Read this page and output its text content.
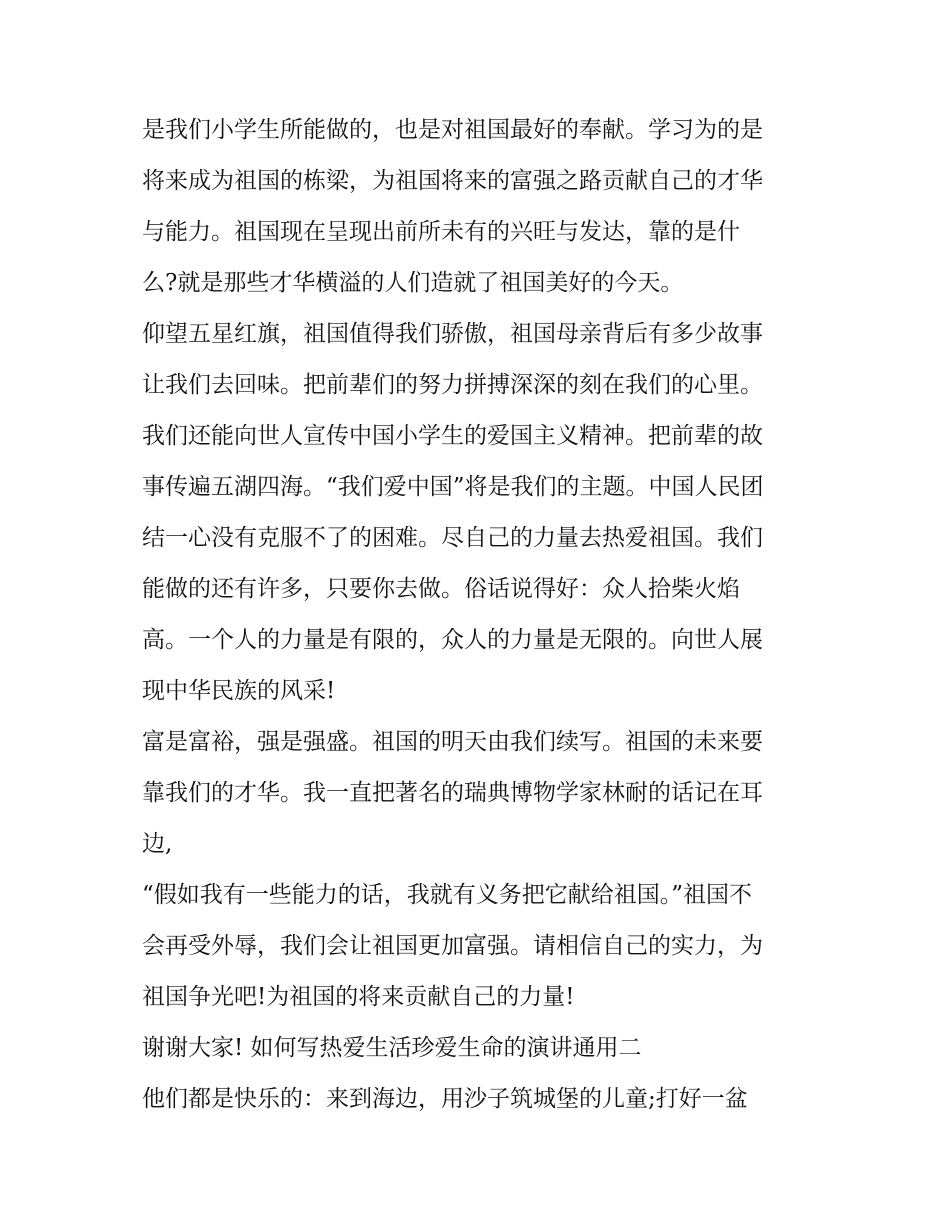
是我们小学生所能做的，也是对祖国最好的奉献。学习为的是
将来成为祖国的栋梁，为祖国将来的富强之路贡献自己的才华
与能力。祖国现在呈现出前所未有的兴旺与发达，靠的是什
么?就是那些才华横溢的人们造就了祖国美好的今天。
仰望五星红旗，祖国值得我们骄傲，祖国母亲背后有多少故事
让我们去回味。把前辈们的努力拼搏深深的刻在我们的心里。
我们还能向世人宣传中国小学生的爱国主义精神。把前辈的故
事传遍五湖四海。“我们爱中国”将是我们的主题。中国人民团
结一心没有克服不了的困难。尽自己的力量去热爱祖国。我们
能做的还有许多，只要你去做。俗话说得好：众人拾柴火焰
高。一个人的力量是有限的，众人的力量是无限的。向世人展
现中华民族的风采!
富是富裕，强是强盛。祖国的明天由我们续写。祖国的未来要
靠我们的才华。我一直把著名的瑞典博物学家林耐的话记在耳
边,
“假如我有一些能力的话，我就有义务把它献给祖国。”祖国不
会再受外辱，我们会让祖国更加富强。请相信自己的实力，为
祖国争光吧!为祖国的将来贡献自己的力量!
谢谢大家! 如何写热爱生活珍爱生命的演讲通用二
他们都是快乐的：来到海边，用沙子筑城堡的儿童;打好一盆
